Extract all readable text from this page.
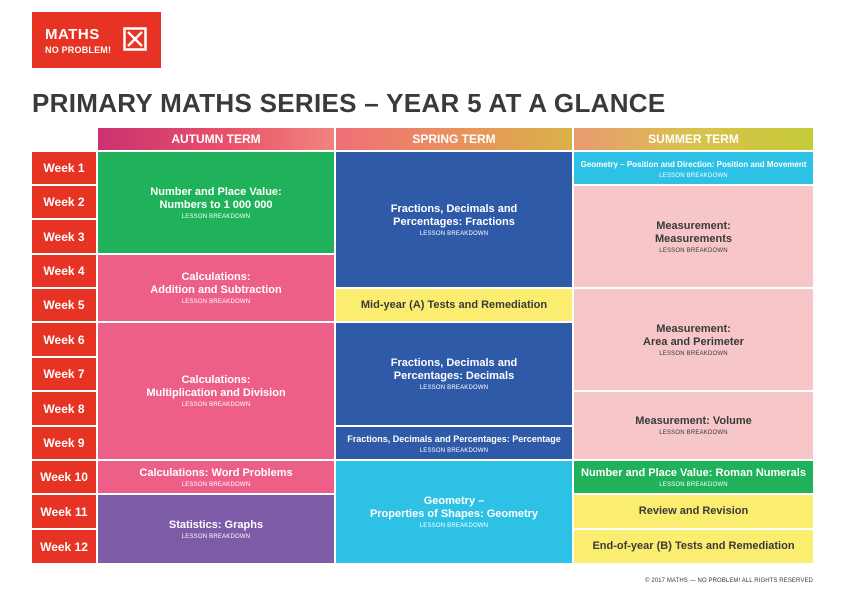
MATHS
NO PROBLEM!
PRIMARY MATHS SERIES – YEAR 5 AT A GLANCE
AUTUMN TERM	SPRING TERM	SUMMER TERM
Week 1
Week 2
Week 3
Week 4
Week 5
Week 6
Week 7
Week 8
Week 9
Week 10
Week 11
Week 12
Number and Place Value:
Numbers to 1 000 000
LESSON BREAKDOWN
Calculations:
Addition and Subtraction
LESSON BREAKDOWN
Calculations:
Multiplication and Division
LESSON BREAKDOWN
Calculations: Word Problems
LESSON BREAKDOWN
Statistics: Graphs
LESSON BREAKDOWN
Fractions, Decimals and
Percentages: Fractions
LESSON BREAKDOWN
Mid-year (A) Tests and Remediation
Fractions, Decimals and
Percentages: Decimals
LESSON BREAKDOWN
Fractions, Decimals and Percentages: Percentage
LESSON BREAKDOWN
Geometry –
Properties of Shapes: Geometry
LESSON BREAKDOWN
Geometry – Position and Direction: Position and Movement
LESSON BREAKDOWN
Measurement:
Measurements
LESSON BREAKDOWN
Measurement:
Area and Perimeter
LESSON BREAKDOWN
Measurement: Volume
LESSON BREAKDOWN
Number and Place Value: Roman Numerals
LESSON BREAKDOWN
Review and Revision
End-of-year (B) Tests and Remediation
© 2017 MATHS — NO PROBLEM! ALL RIGHTS RESERVED
